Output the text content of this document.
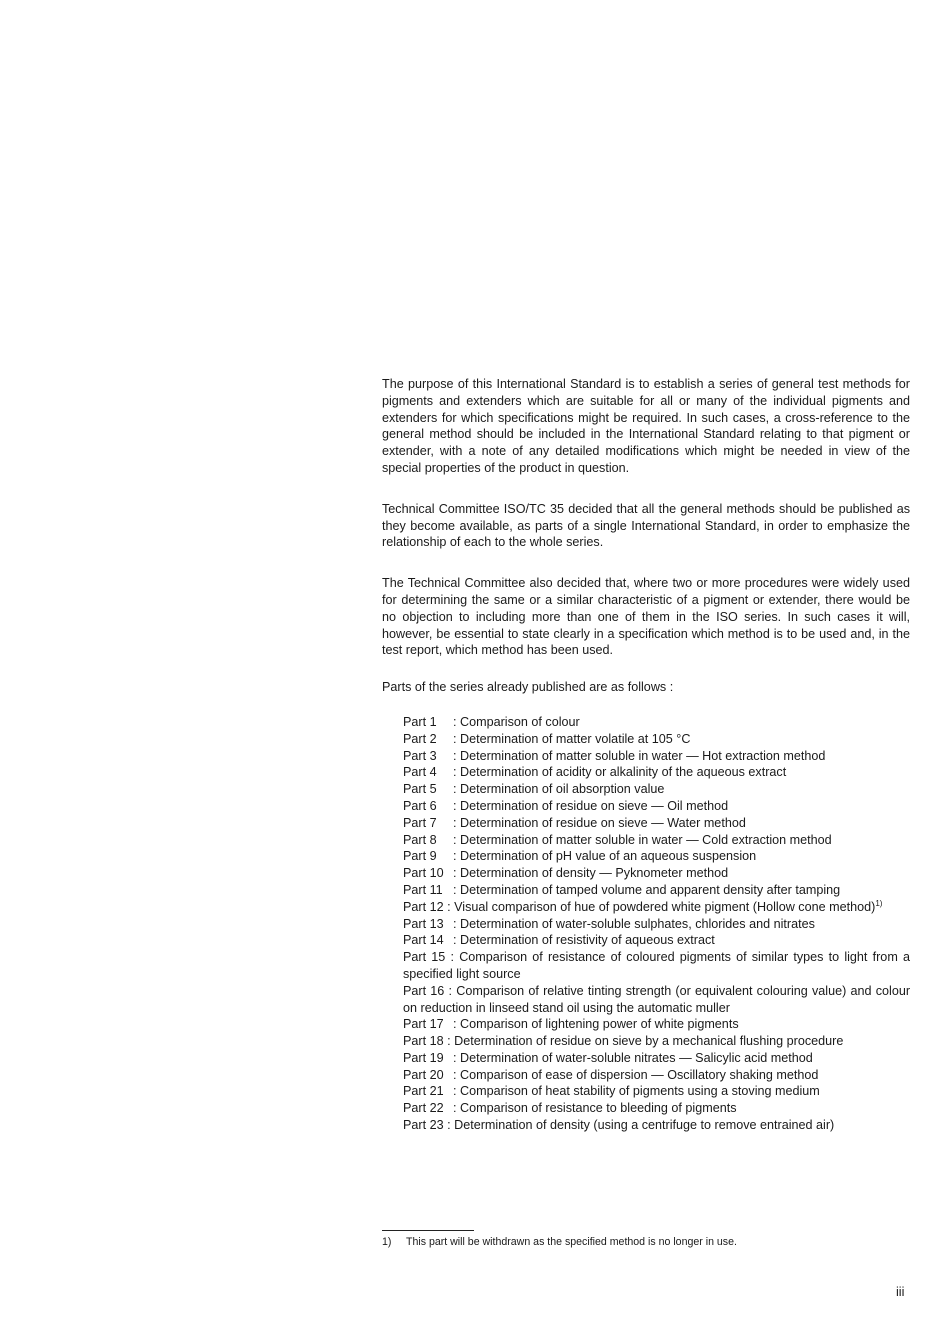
The purpose of this International Standard is to establish a series of general test methods for pigments and extenders which are suitable for all or many of the individual pigments and extenders for which specifications might be required. In such cases, a cross-reference to the general method should be included in the International Standard relating to that pigment or extender, with a note of any detailed modifications which might be needed in view of the special properties of the product in question.

Technical Committee ISO/TC 35 decided that all the general methods should be published as they become available, as parts of a single International Standard, in order to emphasize the relationship of each to the whole series.

The Technical Committee also decided that, where two or more procedures were widely used for determining the same or a similar characteristic of a pigment or extender, there would be no objection to including more than one of them in the ISO series. In such cases it will, however, be essential to state clearly in a specification which method is to be used and, in the test report, which method has been used.

Parts of the series already published are as follows :

Part 1 : Comparison of colour
Part 2 : Determination of matter volatile at 105 °C
Part 3 : Determination of matter soluble in water — Hot extraction method
Part 4 : Determination of acidity or alkalinity of the aqueous extract
Part 5 : Determination of oil absorption value
Part 6 : Determination of residue on sieve — Oil method
Part 7 : Determination of residue on sieve — Water method
Part 8 : Determination of matter soluble in water — Cold extraction method
Part 9 : Determination of pH value of an aqueous suspension
Part 10 : Determination of density — Pyknometer method
Part 11 : Determination of tamped volume and apparent density after tamping
Part 12 : Visual comparison of hue of powdered white pigment (Hollow cone method)$^{1)}$
Part 13 : Determination of water-soluble sulphates, chlorides and nitrates
Part 14 : Determination of resistivity of aqueous extract
Part 15 : Comparison of resistance of coloured pigments of similar types to light from a specified light source
Part 16 : Comparison of relative tinting strength (or equivalent colouring value) and colour on reduction in linseed stand oil using the automatic muller
Part 17 : Comparison of lightening power of white pigments
Part 18 : Determination of residue on sieve by a mechanical flushing procedure
Part 19 : Determination of water-soluble nitrates — Salicylic acid method
Part 20 : Comparison of ease of dispersion — Oscillatory shaking method
Part 21 : Comparison of heat stability of pigments using a stoving medium
Part 22 : Comparison of resistance to bleeding of pigments
Part 23 : Determination of density (using a centrifuge to remove entrained air)
1) This part will be withdrawn as the specified method is no longer in use.
iii
